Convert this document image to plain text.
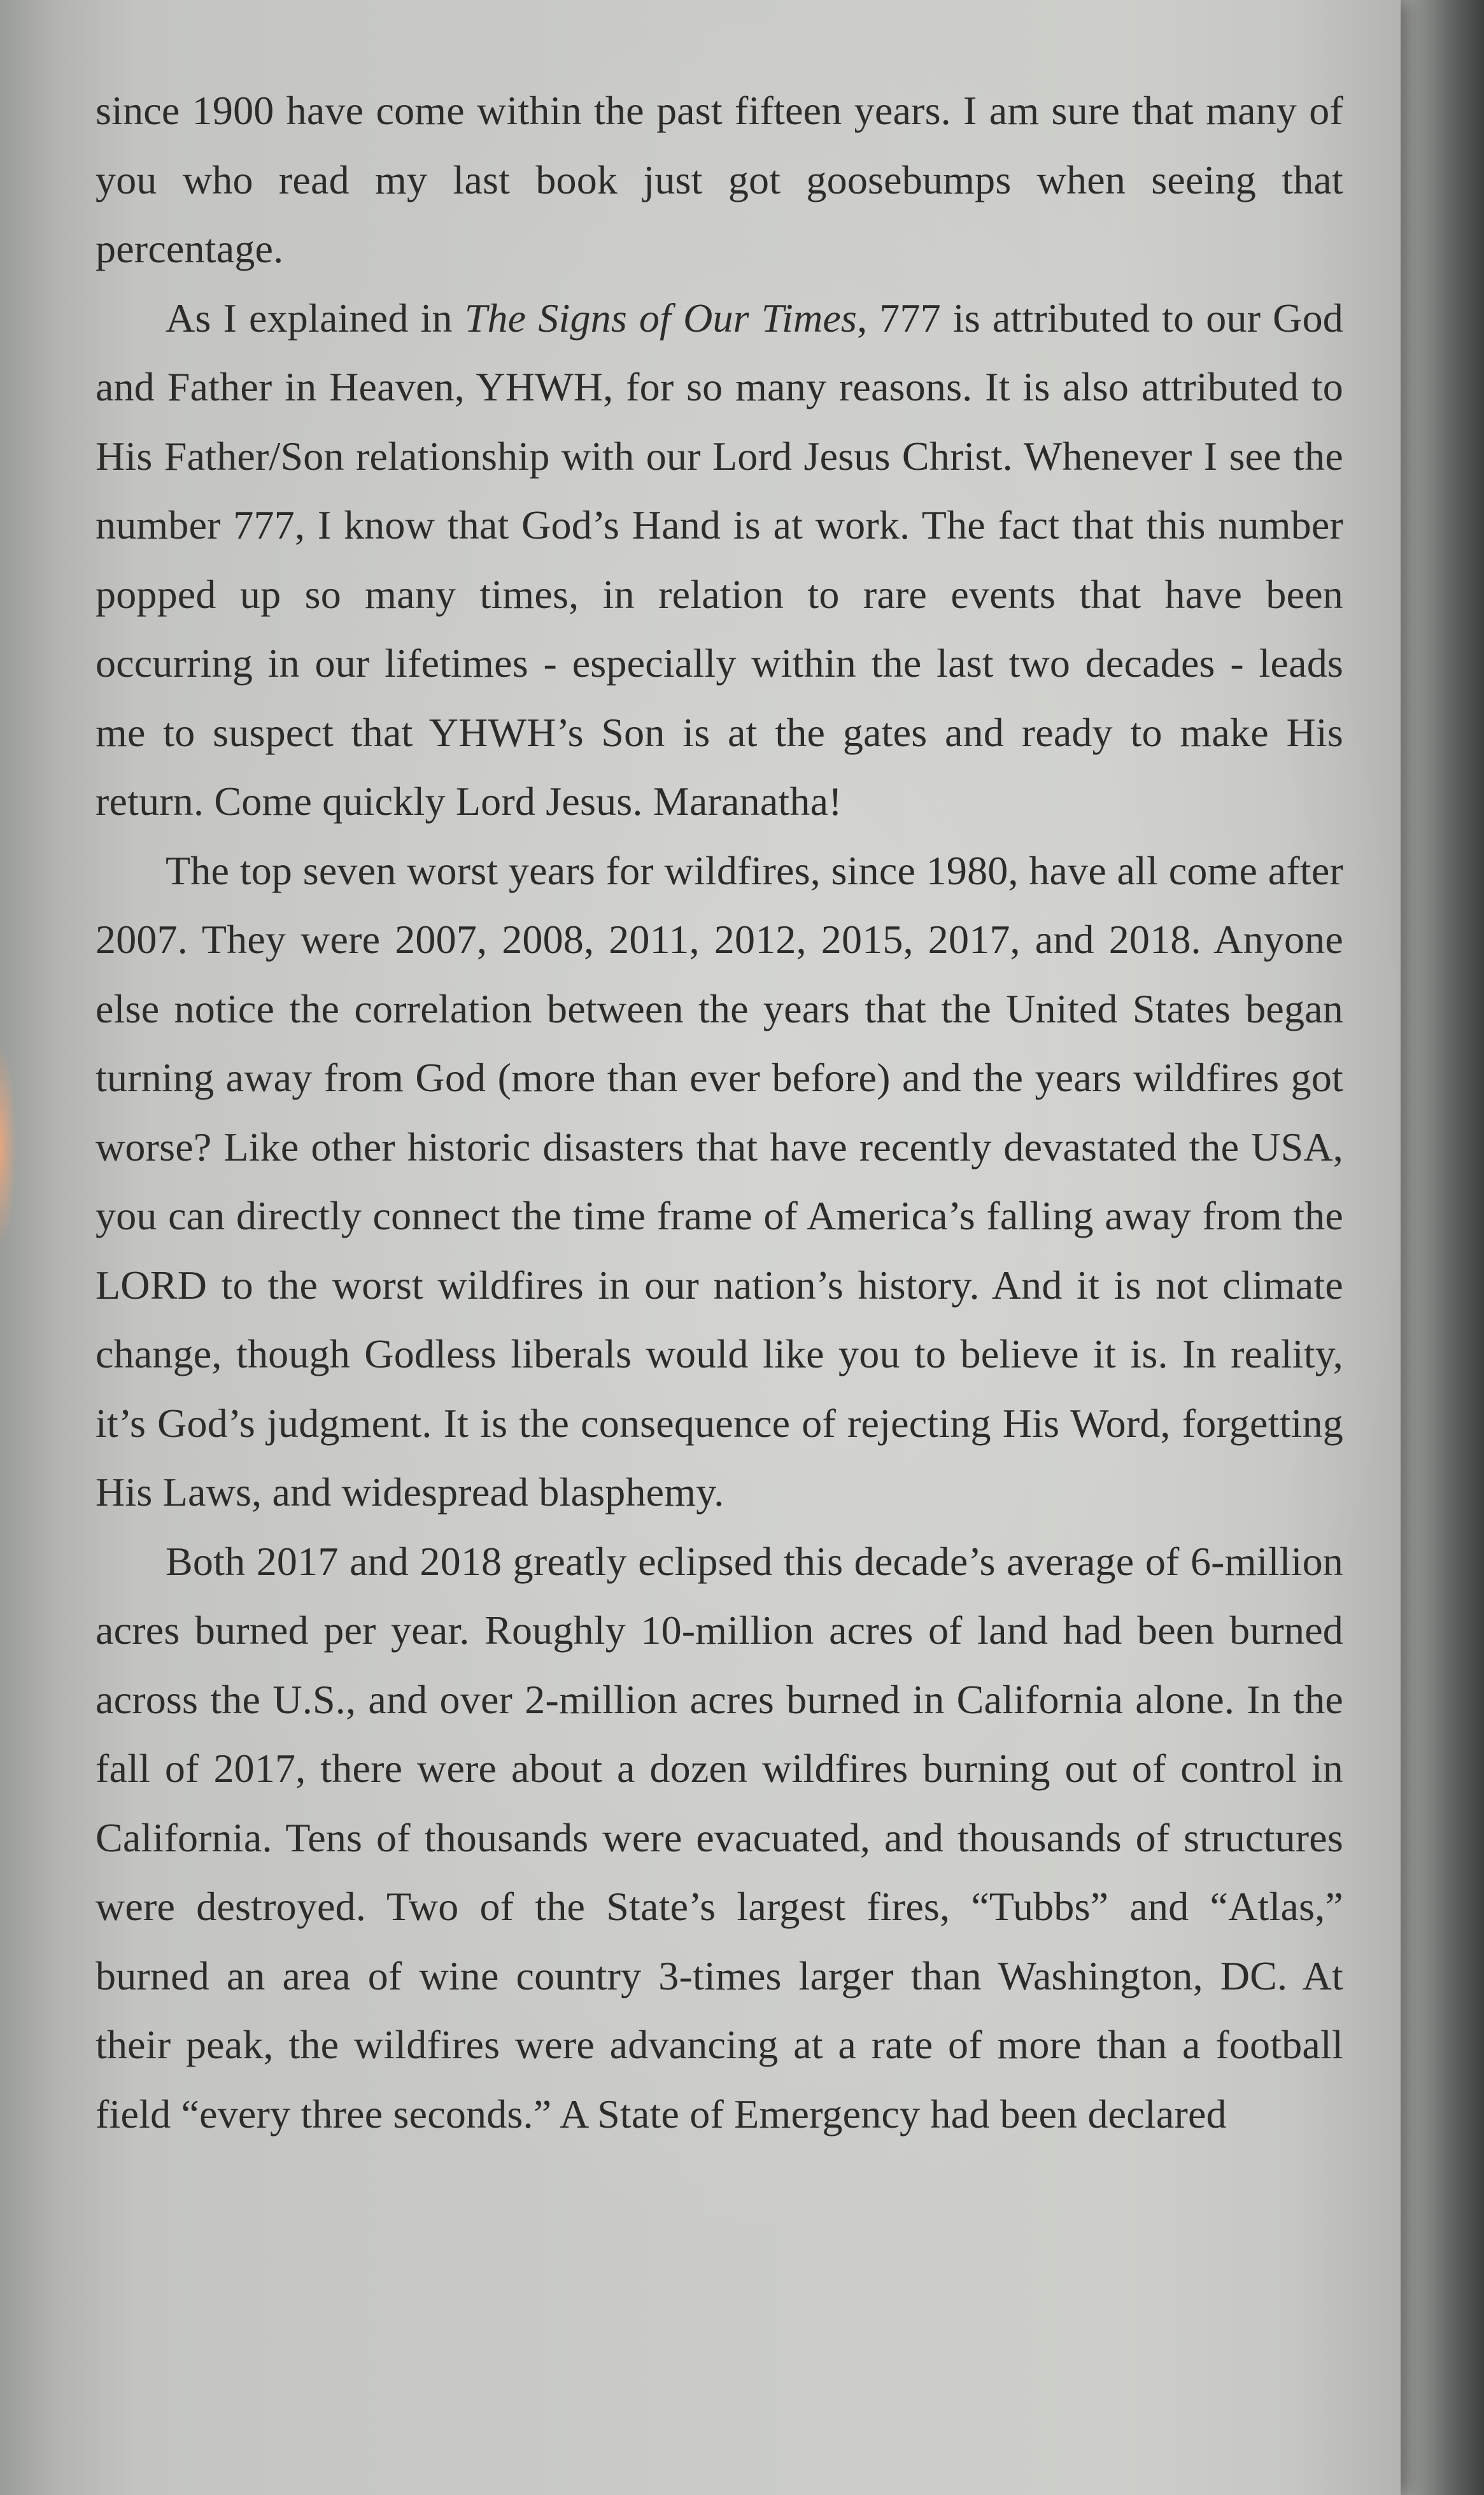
since 1900 have come within the past fifteen years. I am sure that many of you who read my last book just got goosebumps when seeing that percentage.

As I explained in The Signs of Our Times, 777 is attributed to our God and Father in Heaven, YHWH, for so many reasons. It is also attributed to His Father/Son relationship with our Lord Jesus Christ. Whenever I see the number 777, I know that God’s Hand is at work. The fact that this number popped up so many times, in relation to rare events that have been occurring in our lifetimes - especially within the last two decades - leads me to suspect that YHWH’s Son is at the gates and ready to make His return. Come quickly Lord Jesus. Maranatha!

The top seven worst years for wildfires, since 1980, have all come after 2007. They were 2007, 2008, 2011, 2012, 2015, 2017, and 2018. Anyone else notice the correlation between the years that the United States began turning away from God (more than ever before) and the years wildfires got worse? Like other historic disasters that have recently devastated the USA, you can directly connect the time frame of America’s falling away from the LORD to the worst wildfires in our nation’s history. And it is not climate change, though Godless liberals would like you to believe it is. In reality, it’s God’s judgment. It is the consequence of rejecting His Word, forgetting His Laws, and widespread blasphemy.

Both 2017 and 2018 greatly eclipsed this decade’s average of 6-million acres burned per year. Roughly 10-million acres of land had been burned across the U.S., and over 2-million acres burned in California alone. In the fall of 2017, there were about a dozen wildfires burning out of control in California. Tens of thousands were evacuated, and thousands of structures were destroyed. Two of the State’s largest fires, “Tubbs” and “Atlas,” burned an area of wine country 3-times larger than Washington, DC. At their peak, the wildfires were advancing at a rate of more than a football field “every three seconds.” A State of Emergency had been declared
